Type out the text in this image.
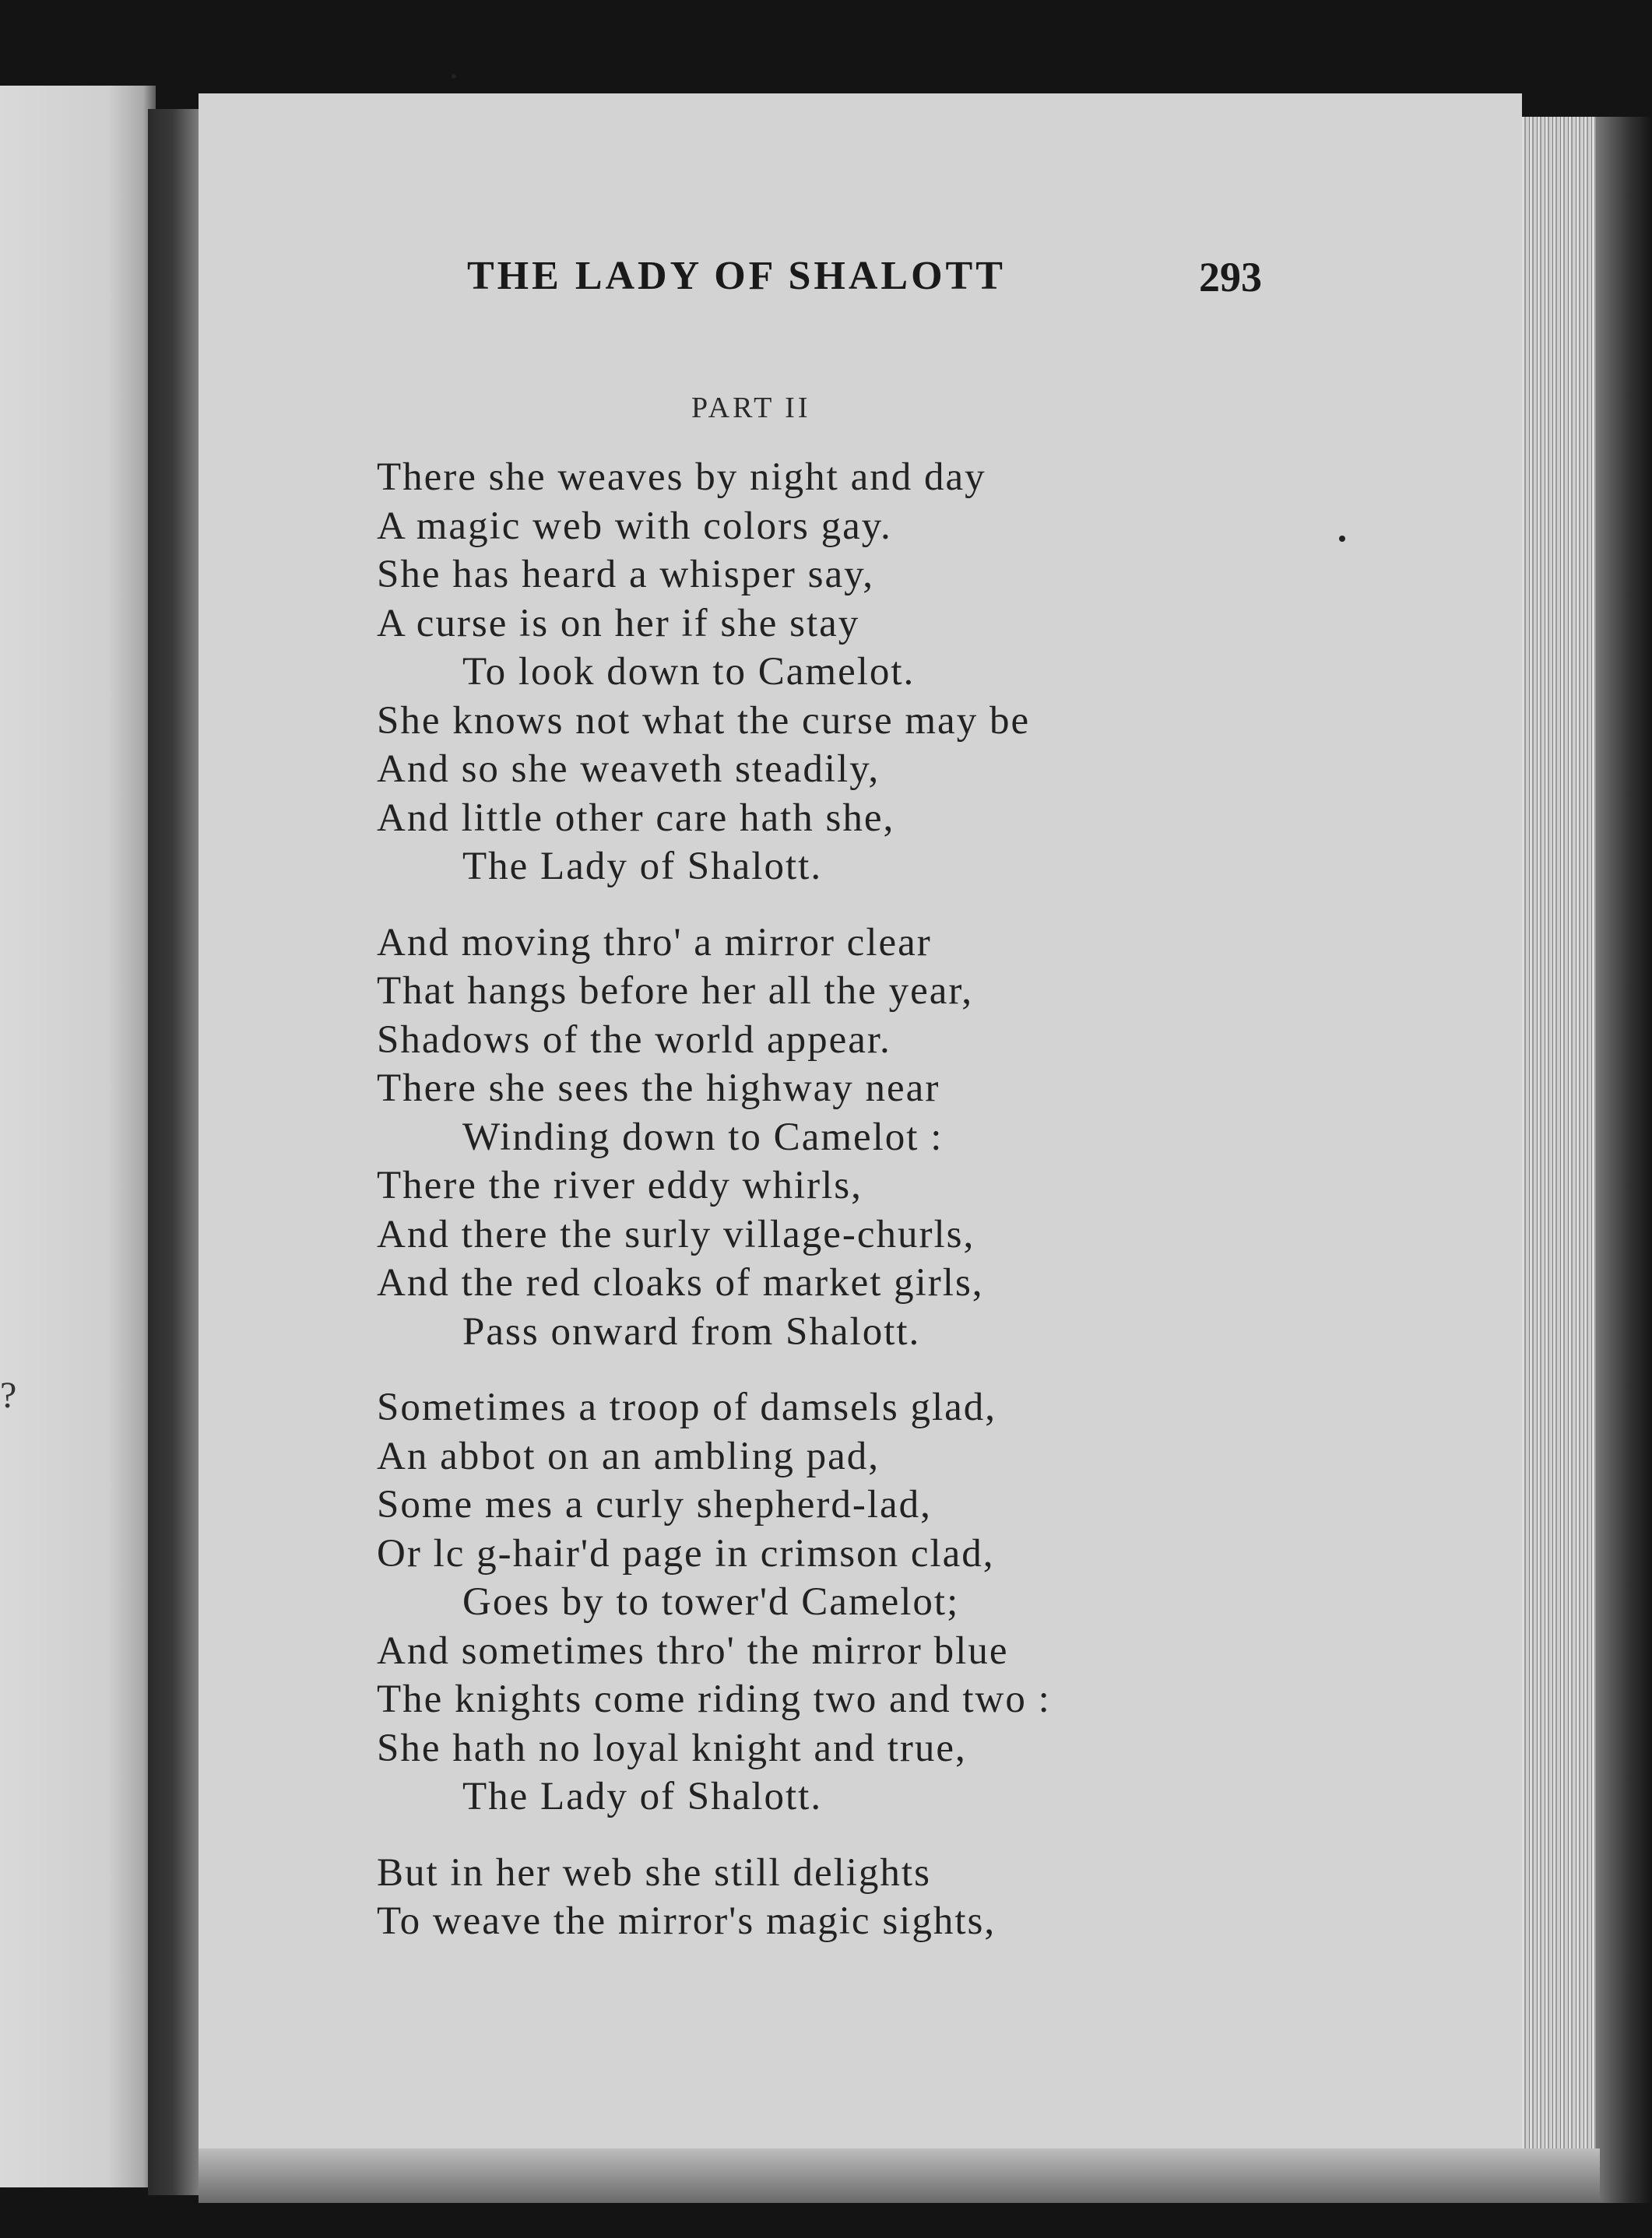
?
THE LADY OF SHALOTT	293
PART II
There she weaves by night and day
A magic web with colors gay.
She has heard a whisper say,
A curse is on her if she stay
To look down to Camelot.
She knows not what the curse may be
And so she weaveth steadily,
And little other care hath she,
The Lady of Shalott.
And moving thro' a mirror clear
That hangs before her all the year,
Shadows of the world appear.
There she sees the highway near
Winding down to Camelot :
There the river eddy whirls,
And there the surly village-churls,
And the red cloaks of market girls,
Pass onward from Shalott.
Sometimes a troop of damsels glad,
An abbot on an ambling pad,
Some mes a curly shepherd-lad,
Or lc g-hair'd page in crimson clad,
Goes by to tower'd Camelot;
And sometimes thro' the mirror blue
The knights come riding two and two :
She hath no loyal knight and true,
The Lady of Shalott.
But in her web she still delights
To weave the mirror's magic sights,
